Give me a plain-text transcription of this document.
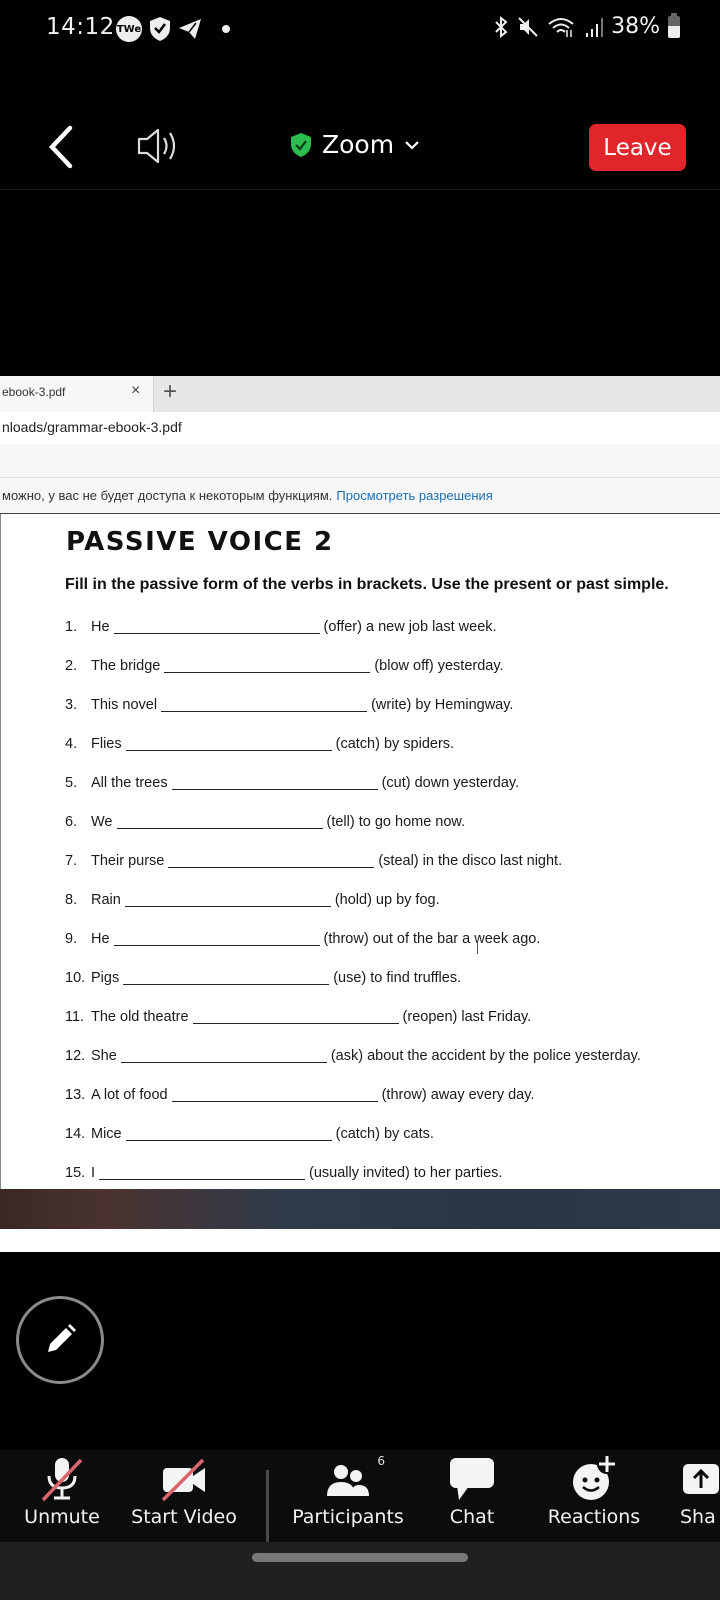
14:12 TWe	38%
Zoom	Leave
ebook-3.pdf	× +
nloads/grammar-ebook-3.pdf
можно, у вас не будет доступа к некоторым функциям. Просмотреть разрешения
PASSIVE VOICE 2
Fill in the passive form of the verbs in brackets. Use the present or past simple.
1. He	(offer) a new job last week.
2. The bridge	(blow off) yesterday.
3. This novel	(write) by Hemingway.
4. Flies	(catch) by spiders.
5. All the trees	(cut) down yesterday.
6. We	(tell) to go home now.
7. Their purse	(steal) in the disco last night.
8. Rain	(hold) up by fog.
9. He	(throw) out of the bar a week ago.
10. Pigs	(use) to find truffles.
11. The old theatre	(reopen) last Friday.
12. She	(ask) about the accident by the police yesterday.
13. A lot of food	(throw) away every day.
14. Mice	(catch) by cats.
15. I	(usually invited) to her parties.
Unmute Start Video
6
Participants Chat	Reactions Sha
